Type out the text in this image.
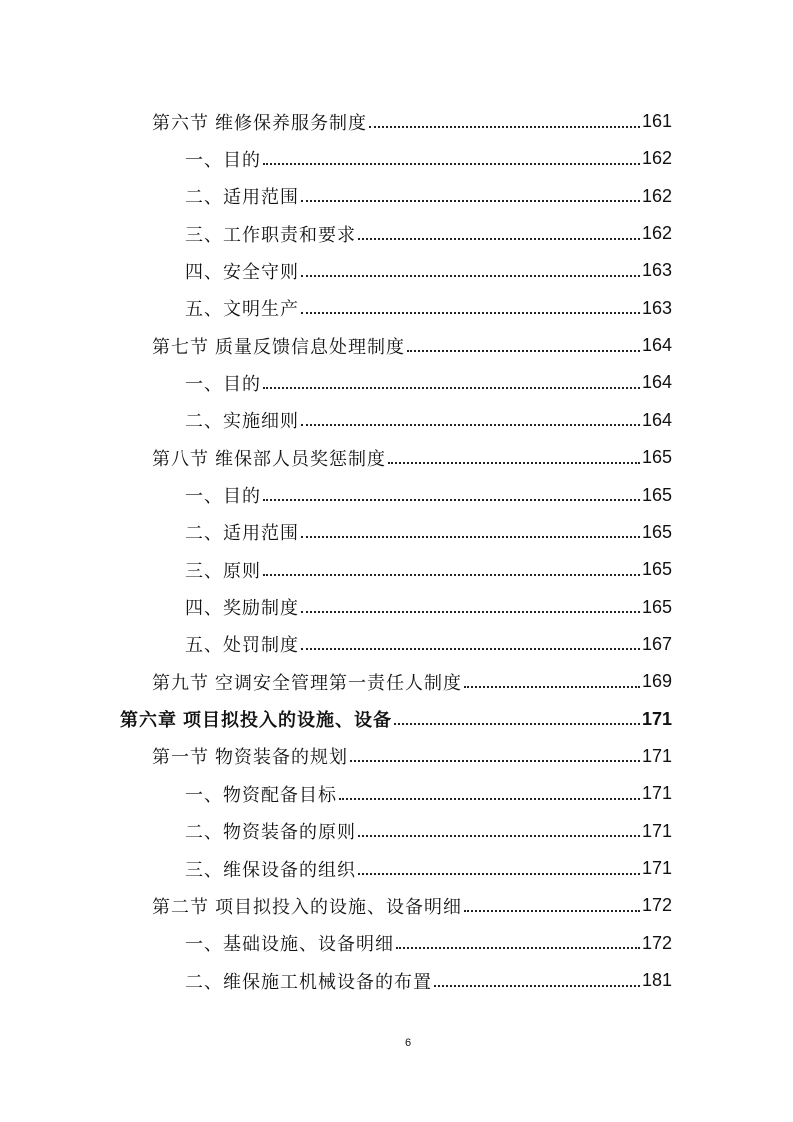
第六节 维修保养服务制度	161
一、目的	162
二、适用范围	162
三、工作职责和要求	162
四、安全守则	163
五、文明生产	163
第七节 质量反馈信息处理制度	164
一、目的	164
二、实施细则	164
第八节 维保部人员奖惩制度	165
一、目的	165
二、适用范围	165
三、原则	165
四、奖励制度	165
五、处罚制度	167
第九节 空调安全管理第一责任人制度	169
第六章 项目拟投入的设施、设备	171
第一节 物资装备的规划	171
一、物资配备目标	171
二、物资装备的原则	171
三、维保设备的组织	171
第二节 项目拟投入的设施、设备明细	172
一、基础设施、设备明细	172
二、维保施工机械设备的布置	181
6
